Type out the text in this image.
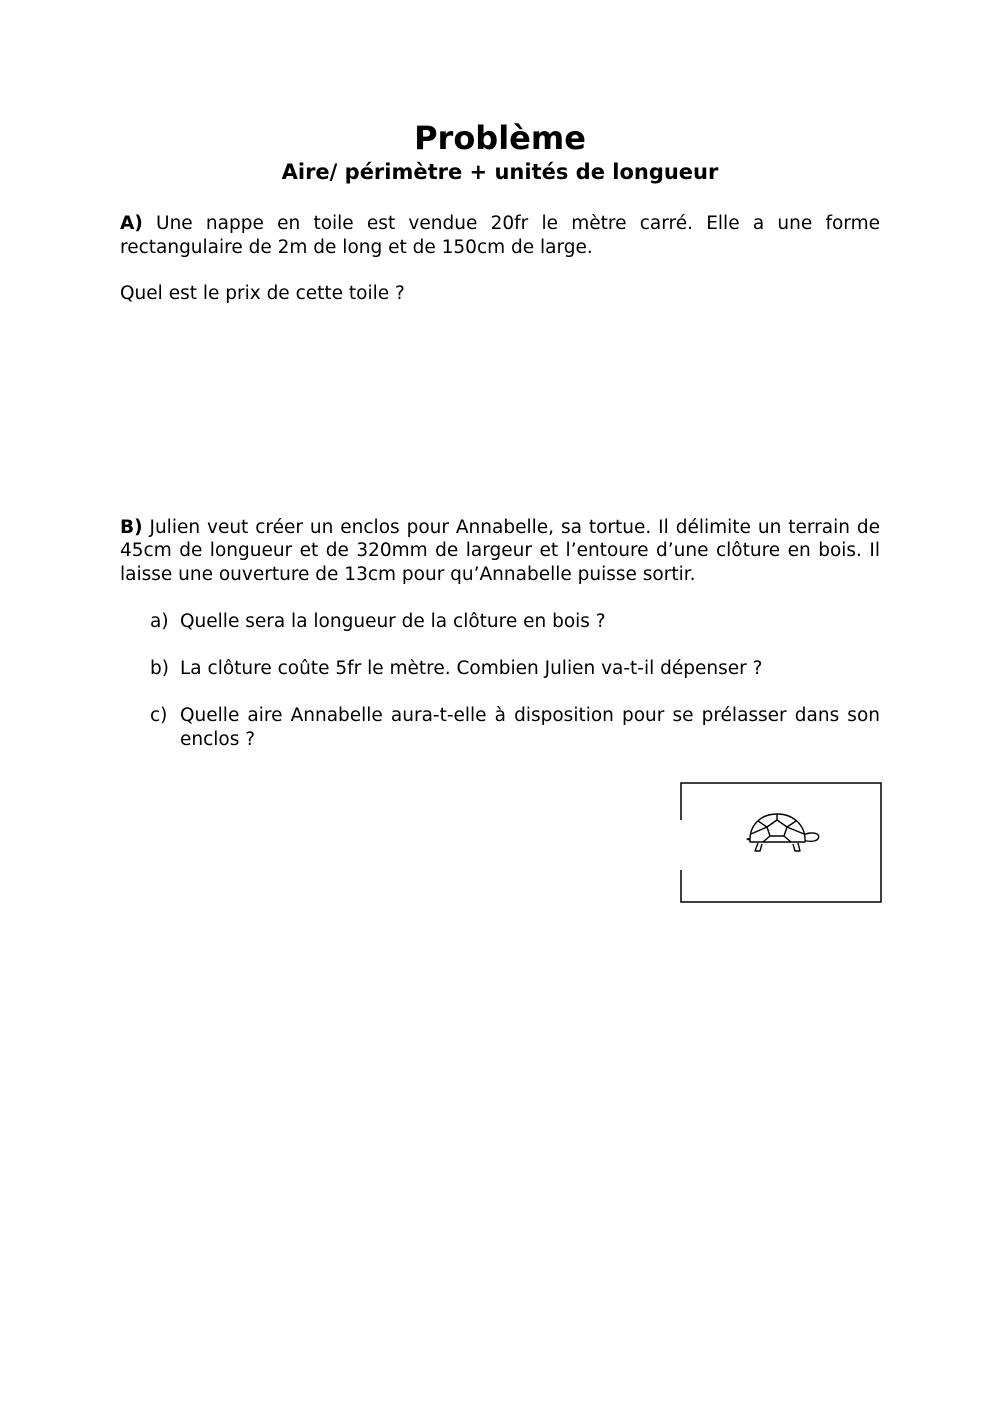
Problème
Aire/ périmètre + unités de longueur

A) Une nappe en toile est vendue 20fr le mètre carré. Elle a une forme rectangulaire de 2m de long et de 150cm de large.

Quel est le prix de cette toile ?

B) Julien veut créer un enclos pour Annabelle, sa tortue. Il délimite un terrain de 45cm de longueur et de 320mm de largeur et l’entoure d’une clôture en bois. Il laisse une ouverture de 13cm pour qu’Annabelle puisse sortir.

a) Quelle sera la longueur de la clôture en bois ?
b) La clôture coûte 5fr le mètre. Combien Julien va-t-il dépenser ?
c) Quelle aire Annabelle aura-t-elle à disposition pour se prélasser dans son enclos ?
